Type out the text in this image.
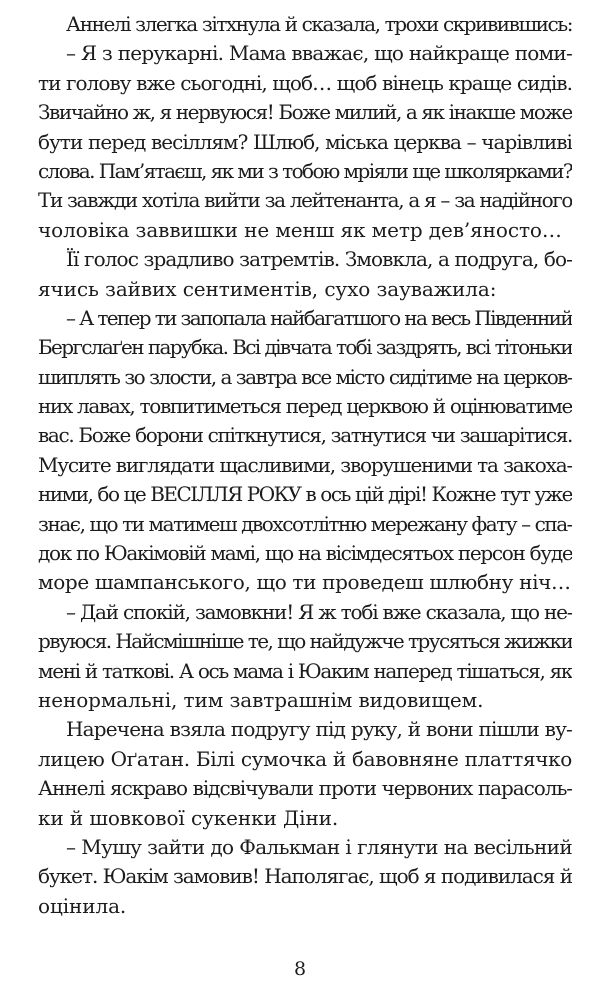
Аннелі злегка зітхнула й сказала, трохи скривившись:
– Я з перукарні. Мама вважає, що найкраще поми-
ти голову вже сьогодні, щоб… щоб вінець краще сидів.
Звичайно ж, я нервуюся! Боже милий, а як інакше може
бути перед весіллям? Шлюб, міська церква – чарівливі
слова. Пам’ятаєш, як ми з тобою мріяли ще школярками?
Ти завжди хотіла вийти за лейтенанта, а я – за надійного
чоловіка заввишки не менш як метр дев’яносто…
Її голос зрадливо затремтів. Змовкла, а подруга, бо-
ячись зайвих сентиментів, сухо зауважила:
– А тепер ти запопала найбагатшого на весь Південний
Бергслаґен парубка. Всі дівчата тобі заздрять, всі тітоньки
шиплять зо злости, а завтра все місто сидітиме на церков-
них лавах, товпитиметься перед церквою й оцінюватиме
вас. Боже борони спіткнутися, затнутися чи зашарітися.
Мусите виглядати щасливими, зворушеними та закоха-
ними, бо це ВЕСІЛЛЯ РОКУ в ось цій дірі! Кожне тут уже
знає, що ти матимеш двохсотлітню мережану фату – спа-
док по Юакімовій мамі, що на вісімдесятьох персон буде
море шампанського, що ти проведеш шлюбну ніч…
– Дай спокій, замовкни! Я ж тобі вже сказала, що не-
рвуюся. Найсмішніше те, що найдужче трусяться жижки
мені й таткові. А ось мама і Юаким наперед тішаться, як
ненормальні, тим завтрашнім видовищем.
Наречена взяла подругу під руку, й вони пішли ву-
лицею Оґатан. Білі сумочка й бавовняне платтячко
Аннелі яскраво відсвічували проти червоних парасоль-
ки й шовкової сукенки Діни.
– Мушу зайти до Фалькман і глянути на весільний
букет. Юакім замовив! Наполягає, щоб я подивилася й
оцінила.
8
